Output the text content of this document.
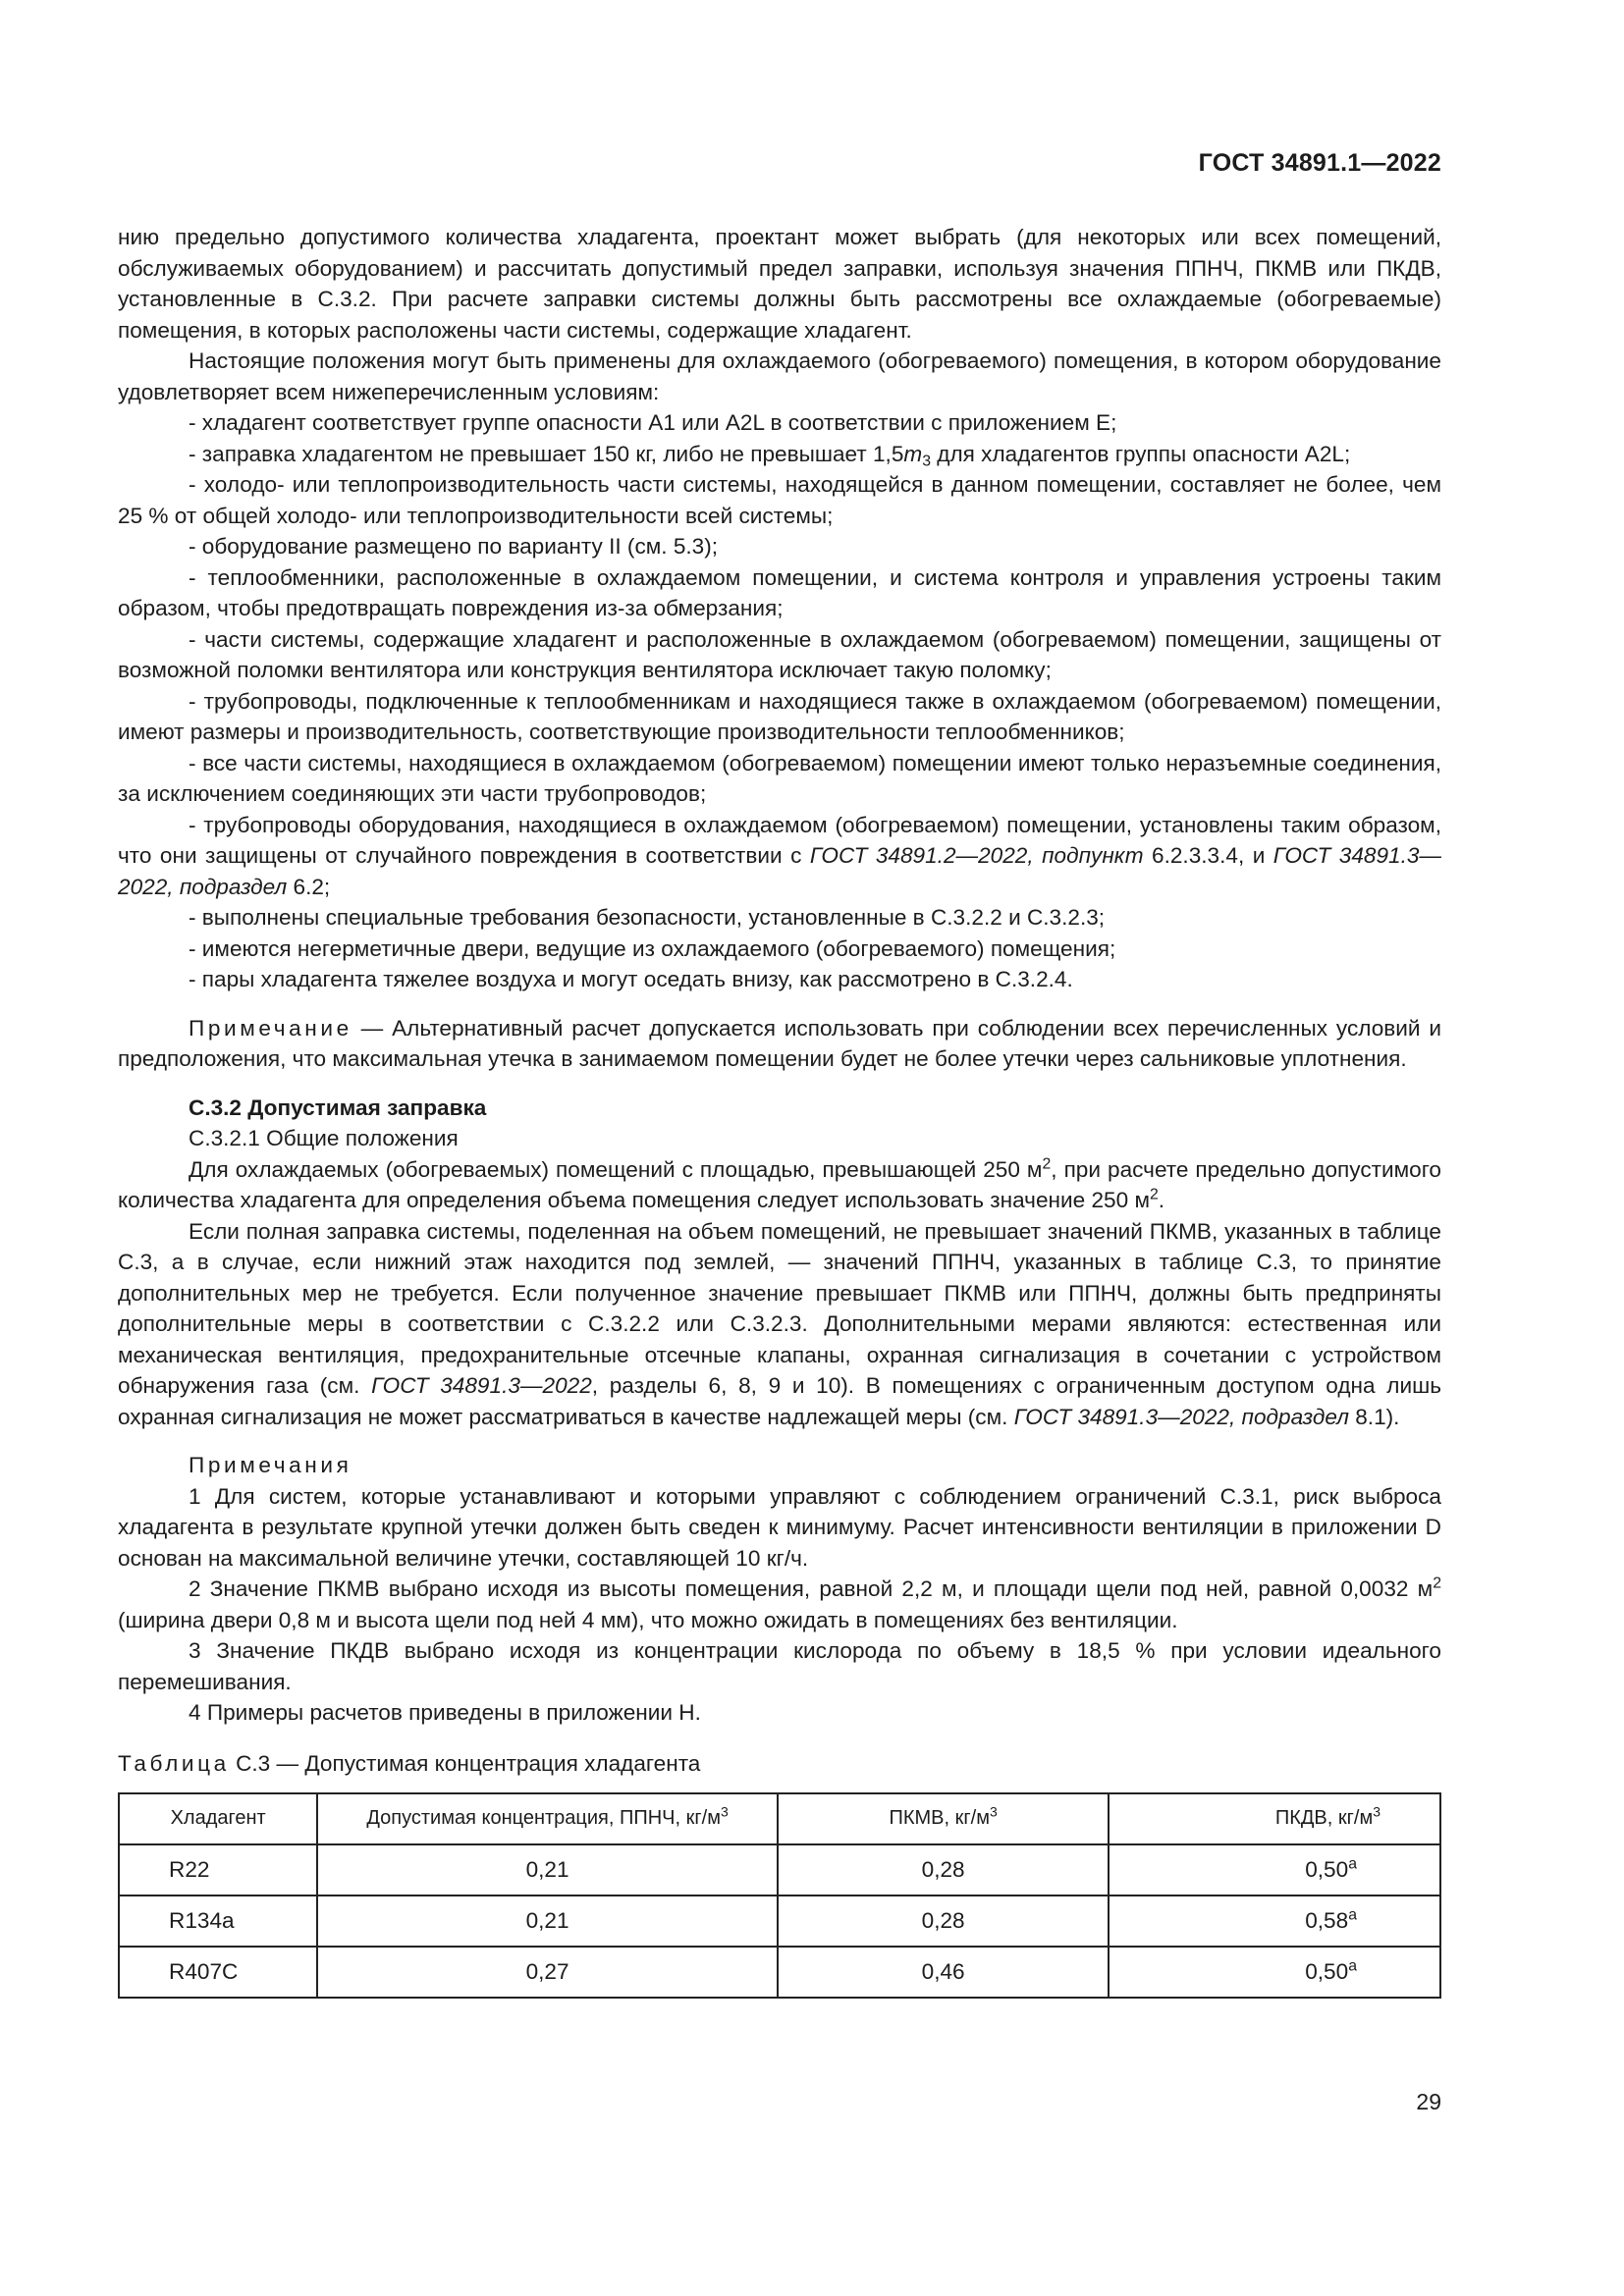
ГОСТ 34891.1—2022

нию предельно допустимого количества хладагента, проектант может выбрать (для некоторых или всех помещений, обслуживаемых оборудованием) и рассчитать допустимый предел заправки, используя значения ППНЧ, ПКМВ или ПКДВ, установленные в С.3.2. При расчете заправки системы должны быть рассмотрены все охлаждаемые (обогреваемые) помещения, в которых расположены части системы, содержащие хладагент.

Настоящие положения могут быть применены для охлаждаемого (обогреваемого) помещения, в котором оборудование удовлетворяет всем нижеперечисленным условиям:

- хладагент соответствует группе опасности А1 или А2L в соответствии с приложением Е;

- заправка хладагентом не превышает 150 кг, либо не превышает $1,5m_3$ для хладагентов группы опасности А2L;

- холодо- или теплопроизводительность части системы, находящейся в данном помещении, составляет не более, чем 25 % от общей холодо- или теплопроизводительности всей системы;

- оборудование размещено по варианту II (см. 5.3);

- теплообменники, расположенные в охлаждаемом помещении, и система контроля и управления устроены таким образом, чтобы предотвращать повреждения из-за обмерзания;

- части системы, содержащие хладагент и расположенные в охлаждаемом (обогреваемом) помещении, защищены от возможной поломки вентилятора или конструкция вентилятора исключает такую поломку;

- трубопроводы, подключенные к теплообменникам и находящиеся также в охлаждаемом (обогреваемом) помещении, имеют размеры и производительность, соответствующие производительности теплообменников;

- все части системы, находящиеся в охлаждаемом (обогреваемом) помещении имеют только неразъемные соединения, за исключением соединяющих эти части трубопроводов;

- трубопроводы оборудования, находящиеся в охлаждаемом (обогреваемом) помещении, установлены таким образом, что они защищены от случайного повреждения в соответствии с ГОСТ 34891.2—2022, подпункт 6.2.3.3.4, и ГОСТ 34891.3—2022, подраздел 6.2;

- выполнены специальные требования безопасности, установленные в С.3.2.2 и С.3.2.3;

- имеются негерметичные двери, ведущие из охлаждаемого (обогреваемого) помещения;

- пары хладагента тяжелее воздуха и могут оседать внизу, как рассмотрено в С.3.2.4.

Примечание — Альтернативный расчет допускается использовать при соблюдении всех перечисленных условий и предположения, что максимальная утечка в занимаемом помещении будет не более утечки через сальниковые уплотнения.

С.3.2 Допустимая заправка

С.3.2.1 Общие положения

Для охлаждаемых (обогреваемых) помещений с площадью, превышающей 250 $м^2$, при расчете предельно допустимого количества хладагента для определения объема помещения следует использовать значение 250 $м^2$.

Если полная заправка системы, поделенная на объем помещений, не превышает значений ПКМВ, указанных в таблице С.3, а в случае, если нижний этаж находится под землей, — значений ППНЧ, указанных в таблице С.3, то принятие дополнительных мер не требуется. Если полученное значение превышает ПКМВ или ППНЧ, должны быть предприняты дополнительные меры в соответствии с С.3.2.2 или С.3.2.3. Дополнительными мерами являются: естественная или механическая вентиляция, предохранительные отсечные клапаны, охранная сигнализация в сочетании с устройством обнаружения газа (см. ГОСТ 34891.3—2022, разделы 6, 8, 9 и 10). В помещениях с ограниченным доступом одна лишь охранная сигнализация не может рассматриваться в качестве надлежащей меры (см. ГОСТ 34891.3—2022, подраздел 8.1).

Примечания

1 Для систем, которые устанавливают и которыми управляют с соблюдением ограничений С.3.1, риск выброса хладагента в результате крупной утечки должен быть сведен к минимуму. Расчет интенсивности вентиляции в приложении D основан на максимальной величине утечки, составляющей 10 кг/ч.

2 Значение ПКМВ выбрано исходя из высоты помещения, равной 2,2 м, и площади щели под ней, равной 0,0032 $м^2$ (ширина двери 0,8 м и высота щели под ней 4 мм), что можно ожидать в помещениях без вентиляции.

3 Значение ПКДВ выбрано исходя из концентрации кислорода по объему в 18,5 % при условии идеального перемешивания.

4 Примеры расчетов приведены в приложении Н.

Таблица С.3 — Допустимая концентрация хладагента

Хладагент	Допустимая концентрация, ППНЧ, $кг/м^3$	ПКМВ, $кг/м^3$	ПКДВ, $кг/м^3$
R22	0,21	0,28	$0,50^а$
R134a	0,21	0,28	$0,58^а$
R407C	0,27	0,46	$0,50^а$
29
